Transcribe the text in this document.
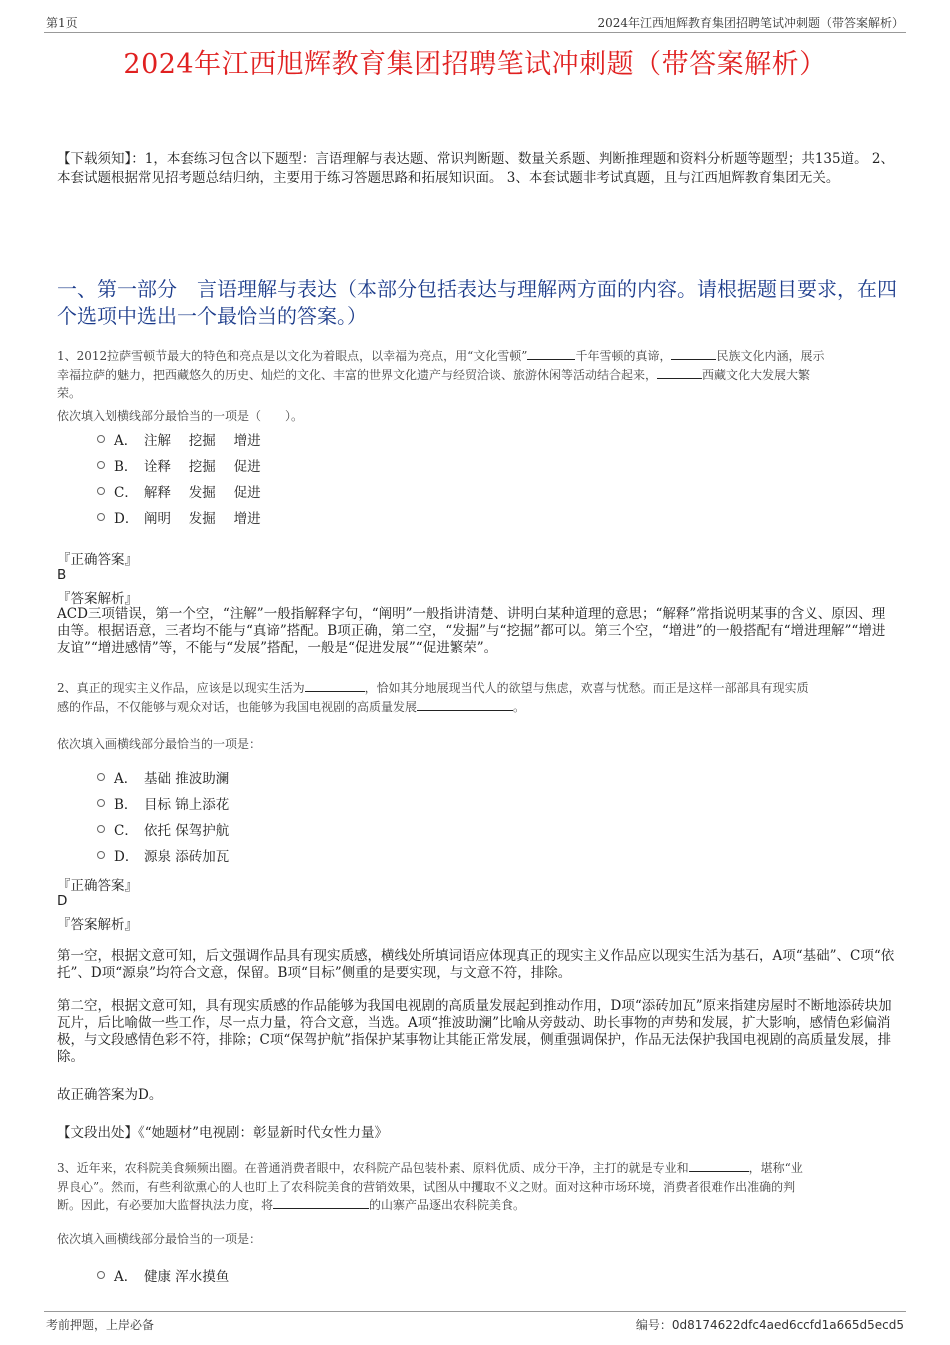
第1页	2024年江西旭辉教育集团招聘笔试冲刺题（带答案解析）
2024年江西旭辉教育集团招聘笔试冲刺题（带答案解析）
【下载须知】：1，本套练习包含以下题型：言语理解与表达题、常识判断题、数量关系题、判断推理题和资料分析题等题型；共135道。 2、本套试题根据常见招考题总结归纳，主要用于练习答题思路和拓展知识面。 3、本套试题非考试真题，且与江西旭辉教育集团无关。
一、第一部分　言语理解与表达（本部分包括表达与理解两方面的内容。请根据题目要求，在四个选项中选出一个最恰当的答案。）
1、2012拉萨雪顿节最大的特色和亮点是以文化为着眼点，以幸福为亮点，用“文化雪顿”	千年雪顿的真谛，	民族文化内涵，展示
幸福拉萨的魅力，把西藏悠久的历史、灿烂的文化、丰富的世界文化遗产与经贸洽谈、旅游休闲等活动结合起来，	西藏文化大发展大繁
荣。
依次填入划横线部分最恰当的一项是（　　）。
A． 注解　 挖掘　 增进
B． 诠释　 挖掘　 促进
C． 解释　 发掘　 促进
D． 阐明　 发掘　 增进
『正确答案』
B
『答案解析』
ACD三项错误，第一个空，“注解”一般指解释字句，“阐明”一般指讲清楚、讲明白某种道理的意思；“解释”常指说明某事的含义、原因、理由等。根据语意，三者均不能与“真谛”搭配。B项正确，第二空，“发掘”与“挖掘”都可以。第三个空，“增进”的一般搭配有“增进理解”“增进友谊”“增进感情”等，不能与“发展”搭配，一般是“促进发展”“促进繁荣”。
2、真正的现实主义作品，应该是以现实生活为	，恰如其分地展现当代人的欲望与焦虑，欢喜与忧愁。而正是这样一部部具有现实质
感的作品，不仅能够与观众对话，也能够为我国电视剧的高质量发展	。
依次填入画横线部分最恰当的一项是：
A． 基础 推波助澜
B． 目标 锦上添花
C． 依托 保驾护航
D． 源泉 添砖加瓦
『正确答案』
D
『答案解析』
第一空，根据文意可知，后文强调作品具有现实质感，横线处所填词语应体现真正的现实主义作品应以现实生活为基石，A项“基础”、C项“依托”、D项“源泉”均符合文意，保留。B项“目标”侧重的是要实现，与文意不符，排除。
第二空，根据文意可知，具有现实质感的作品能够为我国电视剧的高质量发展起到推动作用，D项“添砖加瓦”原来指建房屋时不断地添砖块加瓦片，后比喻做一些工作，尽一点力量，符合文意，当选。A项“推波助澜”比喻从旁鼓动、助长事物的声势和发展，扩大影响，感情色彩偏消极，与文段感情色彩不符，排除；C项“保驾护航”指保护某事物让其能正常发展，侧重强调保护，作品无法保护我国电视剧的高质量发展，排除。
故正确答案为D。
【文段出处】《“她题材”电视剧：彰显新时代女性力量》
3、近年来，农科院美食频频出圈。在普通消费者眼中，农科院产品包装朴素、原料优质、成分干净，主打的就是专业和	，堪称“业
界良心”。然而，有些利欲熏心的人也盯上了农科院美食的营销效果，试图从中攫取不义之财。面对这种市场环境，消费者很难作出准确的判
断。因此，有必要加大监督执法力度，将	的山寨产品逐出农科院美食。
依次填入画横线部分最恰当的一项是：
A． 健康 浑水摸鱼
考前押题，上岸必备	编号：0d8174622dfc4aed6ccfd1a665d5ecd5
